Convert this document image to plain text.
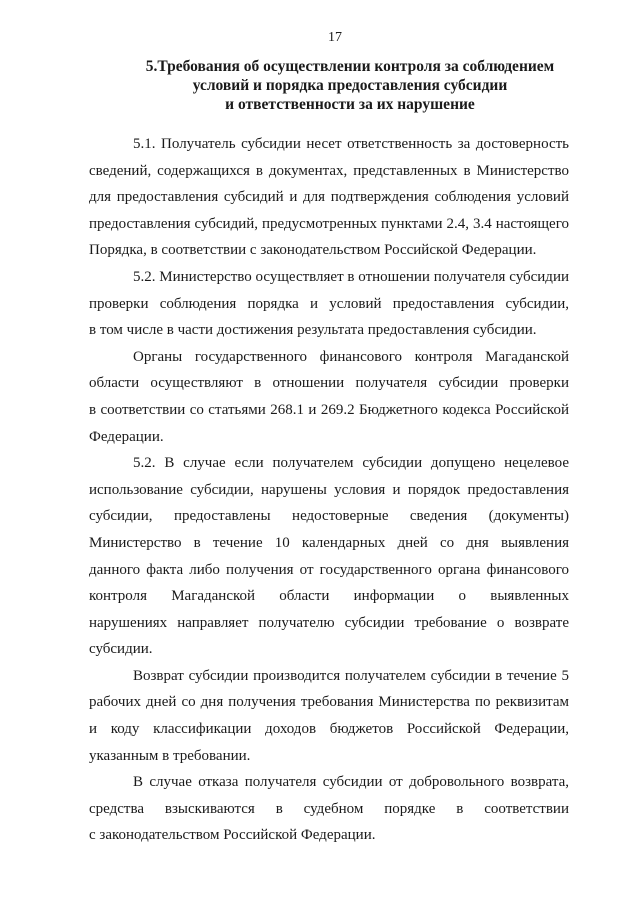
17
5.Требования об осуществлении контроля за соблюдением
условий и порядка предоставления субсидии
и ответственности за их нарушение

5.1. Получатель субсидии несет ответственность за достоверность
сведений, содержащихся в документах, представленных в Министерство
для предоставления субсидий и для подтверждения соблюдения условий
предоставления субсидий, предусмотренных пунктами 2.4, 3.4 настоящего
Порядка, в соответствии с законодательством Российской Федерации.

5.2. Министерство осуществляет в отношении получателя субсидии
проверки соблюдения порядка и условий предоставления субсидии,
в том числе в части достижения результата предоставления субсидии.

Органы государственного финансового контроля Магаданской
области осуществляют в отношении получателя субсидии проверки
в соответствии со статьями 268.1 и 269.2 Бюджетного кодекса Российской
Федерации.

5.2. В случае если получателем субсидии допущено нецелевое
использование субсидии, нарушены условия и порядок предоставления
субсидии, предоставлены недостоверные сведения (документы)
Министерство в течение 10 календарных дней со дня выявления
данного факта либо получения от государственного органа финансового
контроля Магаданской области информации о выявленных
нарушениях направляет получателю субсидии требование о возврате
субсидии.

Возврат субсидии производится получателем субсидии в течение 5
рабочих дней со дня получения требования Министерства по реквизитам
и коду классификации доходов бюджетов Российской Федерации,
указанным в требовании.

В случае отказа получателя субсидии от добровольного возврата,
средства взыскиваются в судебном порядке в соответствии
с законодательством Российской Федерации.
